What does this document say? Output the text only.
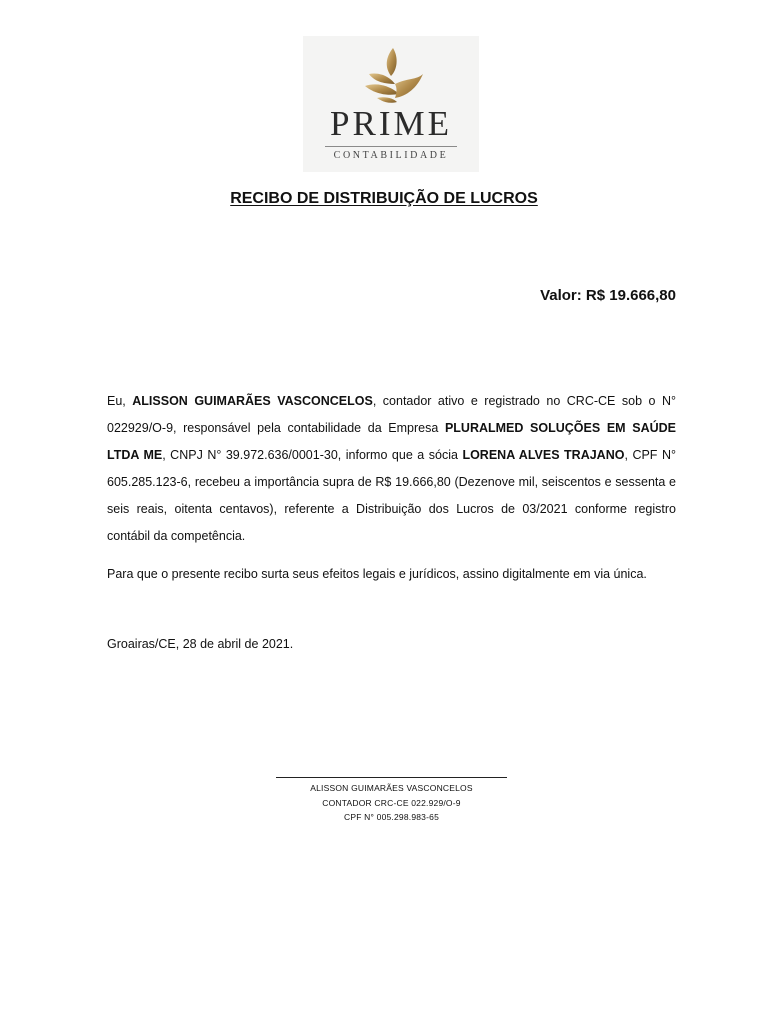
PRIME
CONTABILIDADE
RECIBO DE DISTRIBUIÇÃO DE LUCROS
Valor: R$ 19.666,80
Eu, ALISSON GUIMARÃES VASCONCELOS, contador ativo e registrado no CRC-CE sob o N° 022929/O-9, responsável pela contabilidade da Empresa PLURALMED SOLUÇÕES EM SAÚDE LTDA ME, CNPJ N° 39.972.636/0001-30, informo que a sócia LORENA ALVES TRAJANO, CPF N° 605.285.123-6, recebeu a importância supra de R$ 19.666,80 (Dezenove mil, seiscentos e sessenta e seis reais, oitenta centavos), referente a Distribuição dos Lucros de 03/2021 conforme registro contábil da competência.
Para que o presente recibo surta seus efeitos legais e jurídicos, assino digitalmente em via única.
Groairas/CE, 28 de abril de 2021.
ALISSON GUIMARÃES VASCONCELOS
CONTADOR CRC-CE 022.929/O-9
CPF N° 005.298.983-65
